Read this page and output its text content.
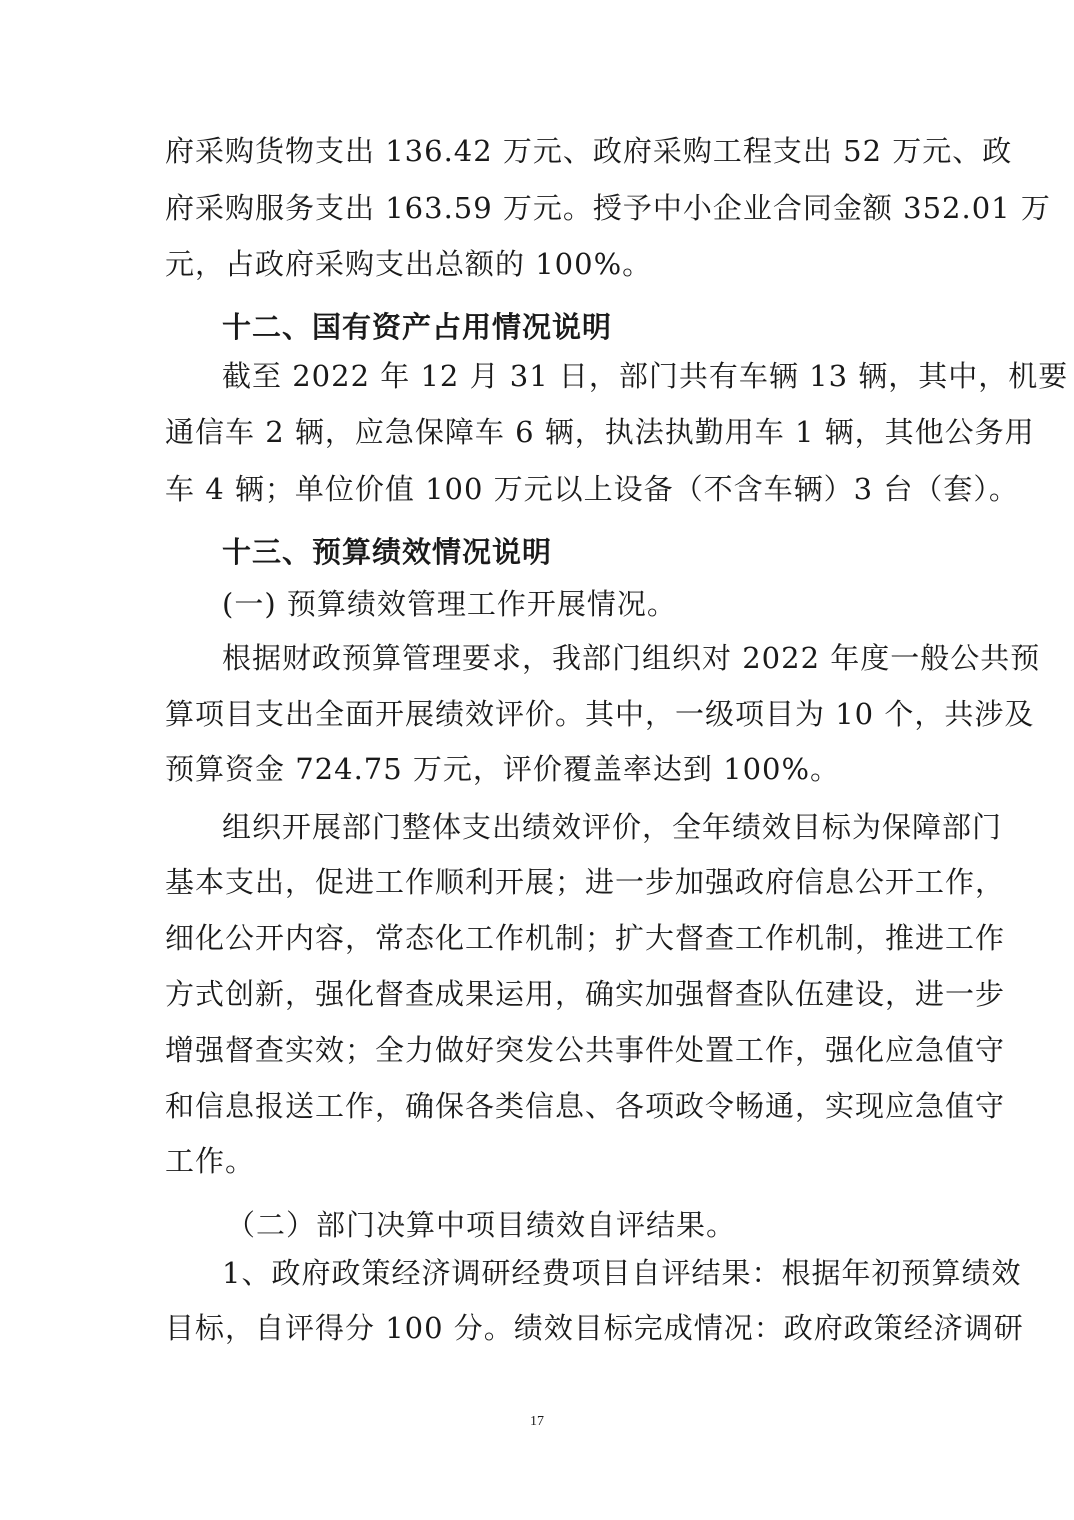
府采购货物支出 136.42 万元、政府采购工程支出 52 万元、政
府采购服务支出 163.59 万元。授予中小企业合同金额 352.01 万
元，占政府采购支出总额的 100%。
十二、国有资产占用情况说明
截至 2022 年 12 月 31 日，部门共有车辆 13 辆，其中，机要
通信车 2 辆，应急保障车 6 辆，执法执勤用车 1 辆，其他公务用
车 4 辆；单位价值 100 万元以上设备（不含车辆）3 台（套）。
十三、预算绩效情况说明
(一) 预算绩效管理工作开展情况。
根据财政预算管理要求，我部门组织对 2022 年度一般公共预
算项目支出全面开展绩效评价。其中，一级项目为 10 个，共涉及
预算资金 724.75 万元，评价覆盖率达到 100%。
组织开展部门整体支出绩效评价，全年绩效目标为保障部门
基本支出，促进工作顺利开展；进一步加强政府信息公开工作，
细化公开内容，常态化工作机制；扩大督查工作机制，推进工作
方式创新，强化督查成果运用，确实加强督查队伍建设，进一步
增强督查实效；全力做好突发公共事件处置工作，强化应急值守
和信息报送工作，确保各类信息、各项政令畅通，实现应急值守
工作。
（二）部门决算中项目绩效自评结果。
1、政府政策经济调研经费项目自评结果：根据年初预算绩效
目标，自评得分 100 分。绩效目标完成情况：政府政策经济调研
17
